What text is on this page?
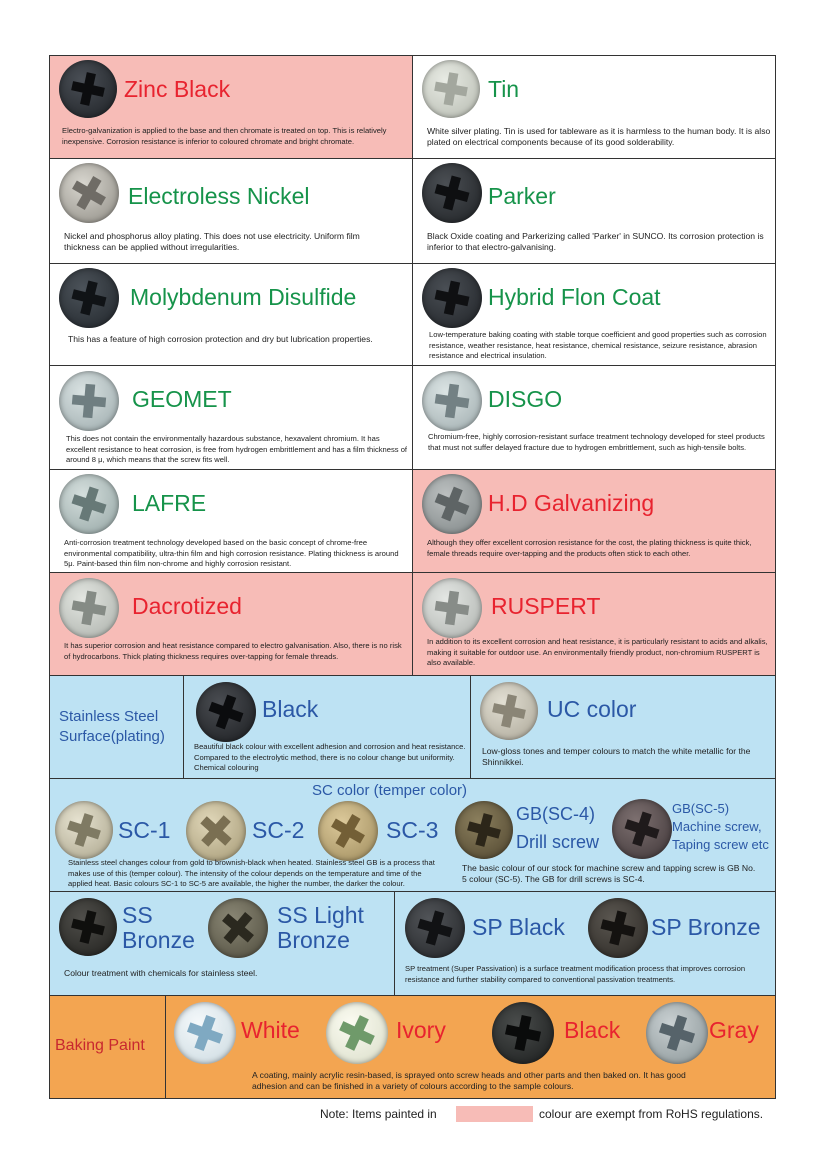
Zinc Black
Electro-galvanization is applied to the base and then chromate is treated on top. This is relatively inexpensive. Corrosion resistance is inferior to coloured chromate and bright chromate.
Tin
White silver plating. Tin is used for tableware as it is harmless to the human body. It is also plated on electrical components because of its good solderability.
Electroless Nickel
Nickel and phosphorus alloy plating. This does not use electricity. Uniform film thickness can be applied without irregularities.
Parker
Black Oxide coating and Parkerizing called 'Parker' in SUNCO. Its corrosion protection is inferior to that electro-galvanising.
Molybdenum Disulfide
This has a feature of high corrosion protection and dry but lubrication properties.
Hybrid Flon Coat
Low-temperature baking coating with stable torque coefficient and good properties such as corrosion resistance, weather resistance, heat resistance, chemical resistance, seizure resistance, abrasion resistance and electrical insulation.
GEOMET
This does not contain the environmentally hazardous substance, hexavalent chromium. It has excellent resistance to heat corrosion, is free from hydrogen embrittlement and has a film thickness of around 8 μ, which means that the screw fits well.
DISGO
Chromium-free, highly corrosion-resistant surface treatment technology developed for steel products that must not suffer delayed fracture due to hydrogen embrittlement, such as high-tensile bolts.
LAFRE
Anti-corrosion treatment technology developed based on the basic concept of chrome-free environmental compatibility, ultra-thin film and high corrosion resistance. Plating thickness is around 5μ. Paint-based thin film non-chrome and highly corrosion resistant.
H.D Galvanizing
Although they offer excellent corrosion resistance for the cost, the plating thickness is quite thick, female threads require over-tapping and the products often stick to each other.
Dacrotized
It has superior corrosion and heat resistance compared to electro galvanisation. Also, there is no risk of hydrocarbons. Thick plating thickness requires over-tapping for female threads.
RUSPERT
In addition to its excellent corrosion and heat resistance, it is particularly resistant to acids and alkalis, making it suitable for outdoor use. An environmentally friendly product, non-chromium RUSPERT is also available.
Stainless Steel
Surface(plating)
Black
Beautiful black colour with excellent adhesion and corrosion and heat resistance. Compared to the electrolytic method, there is no colour change but uniformity. Chemical colouring
UC color
Low-gloss tones and temper colours to match the white metallic for the Shinnikkei.
SC color (temper color)
SC-1	SC-2	SC-3
GB(SC-4)
Drill screw
GB(SC-5)
Machine screw,
Taping screw etc
Stainless steel changes colour from gold to brownish-black when heated. Stainless steel GB is a process that makes use of this (temper colour). The intensity of the colour depends on the temperature and time of the applied heat. Basic colours SC-1 to SC-5 are available, the higher the number, the darker the colour.
The basic colour of our stock for machine screw and tapping screw is GB No. 5 colour (SC-5). The GB for drill screws is SC-4.
SS
Bronze
SS Light
Bronze
Colour treatment with chemicals for stainless steel.
SP Black	SP Bronze
SP treatment (Super Passivation) is a surface treatment modification process that improves corrosion resistance and further stability compared to conventional passivation treatments.
Baking Paint
White	Ivory	Black	Gray
A coating, mainly acrylic resin-based, is sprayed onto screw heads and other parts and then baked on. It has good adhesion and can be finished in a variety of colours according to the sample colours.
Note: Items painted in	colour are exempt from RoHS regulations.
